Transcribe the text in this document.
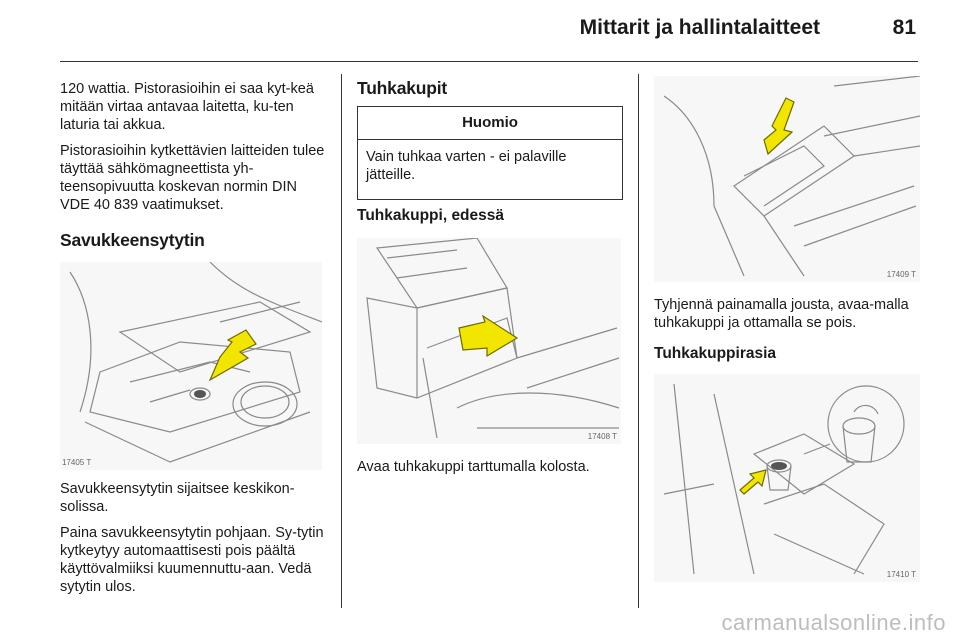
Mittarit ja hallintalaitteet	81

120 wattia. Pistorasioihin ei saa kyt-keä mitään virtaa antavaa laitetta, ku-ten laturia tai akkua.

Pistorasioihin kytkettävien laitteiden tulee täyttää sähkömagneettista yh-teensopivuutta koskevan normin DIN VDE 40 839 vaatimukset.

Savukkeensytytin
17405 T

Savukkeensytytin sijaitsee keskikon-solissa.

Paina savukkeensytytin pohjaan. Sy-tytin kytkeytyy automaattisesti pois päältä käyttövalmiiksi kuumennuttu-aan. Vedä sytytin ulos.

Tuhkakupit
Huomio
Vain tuhkaa varten - ei palaville jätteille.
Tuhkakuppi, edessä
17408 T
Avaa tuhkakuppi tarttumalla kolosta.
17409 T
Tyhjennä painamalla jousta, avaa-malla tuhkakuppi ja ottamalla se pois.
Tuhkakuppirasia
17410 T
carmanualsonline.info
